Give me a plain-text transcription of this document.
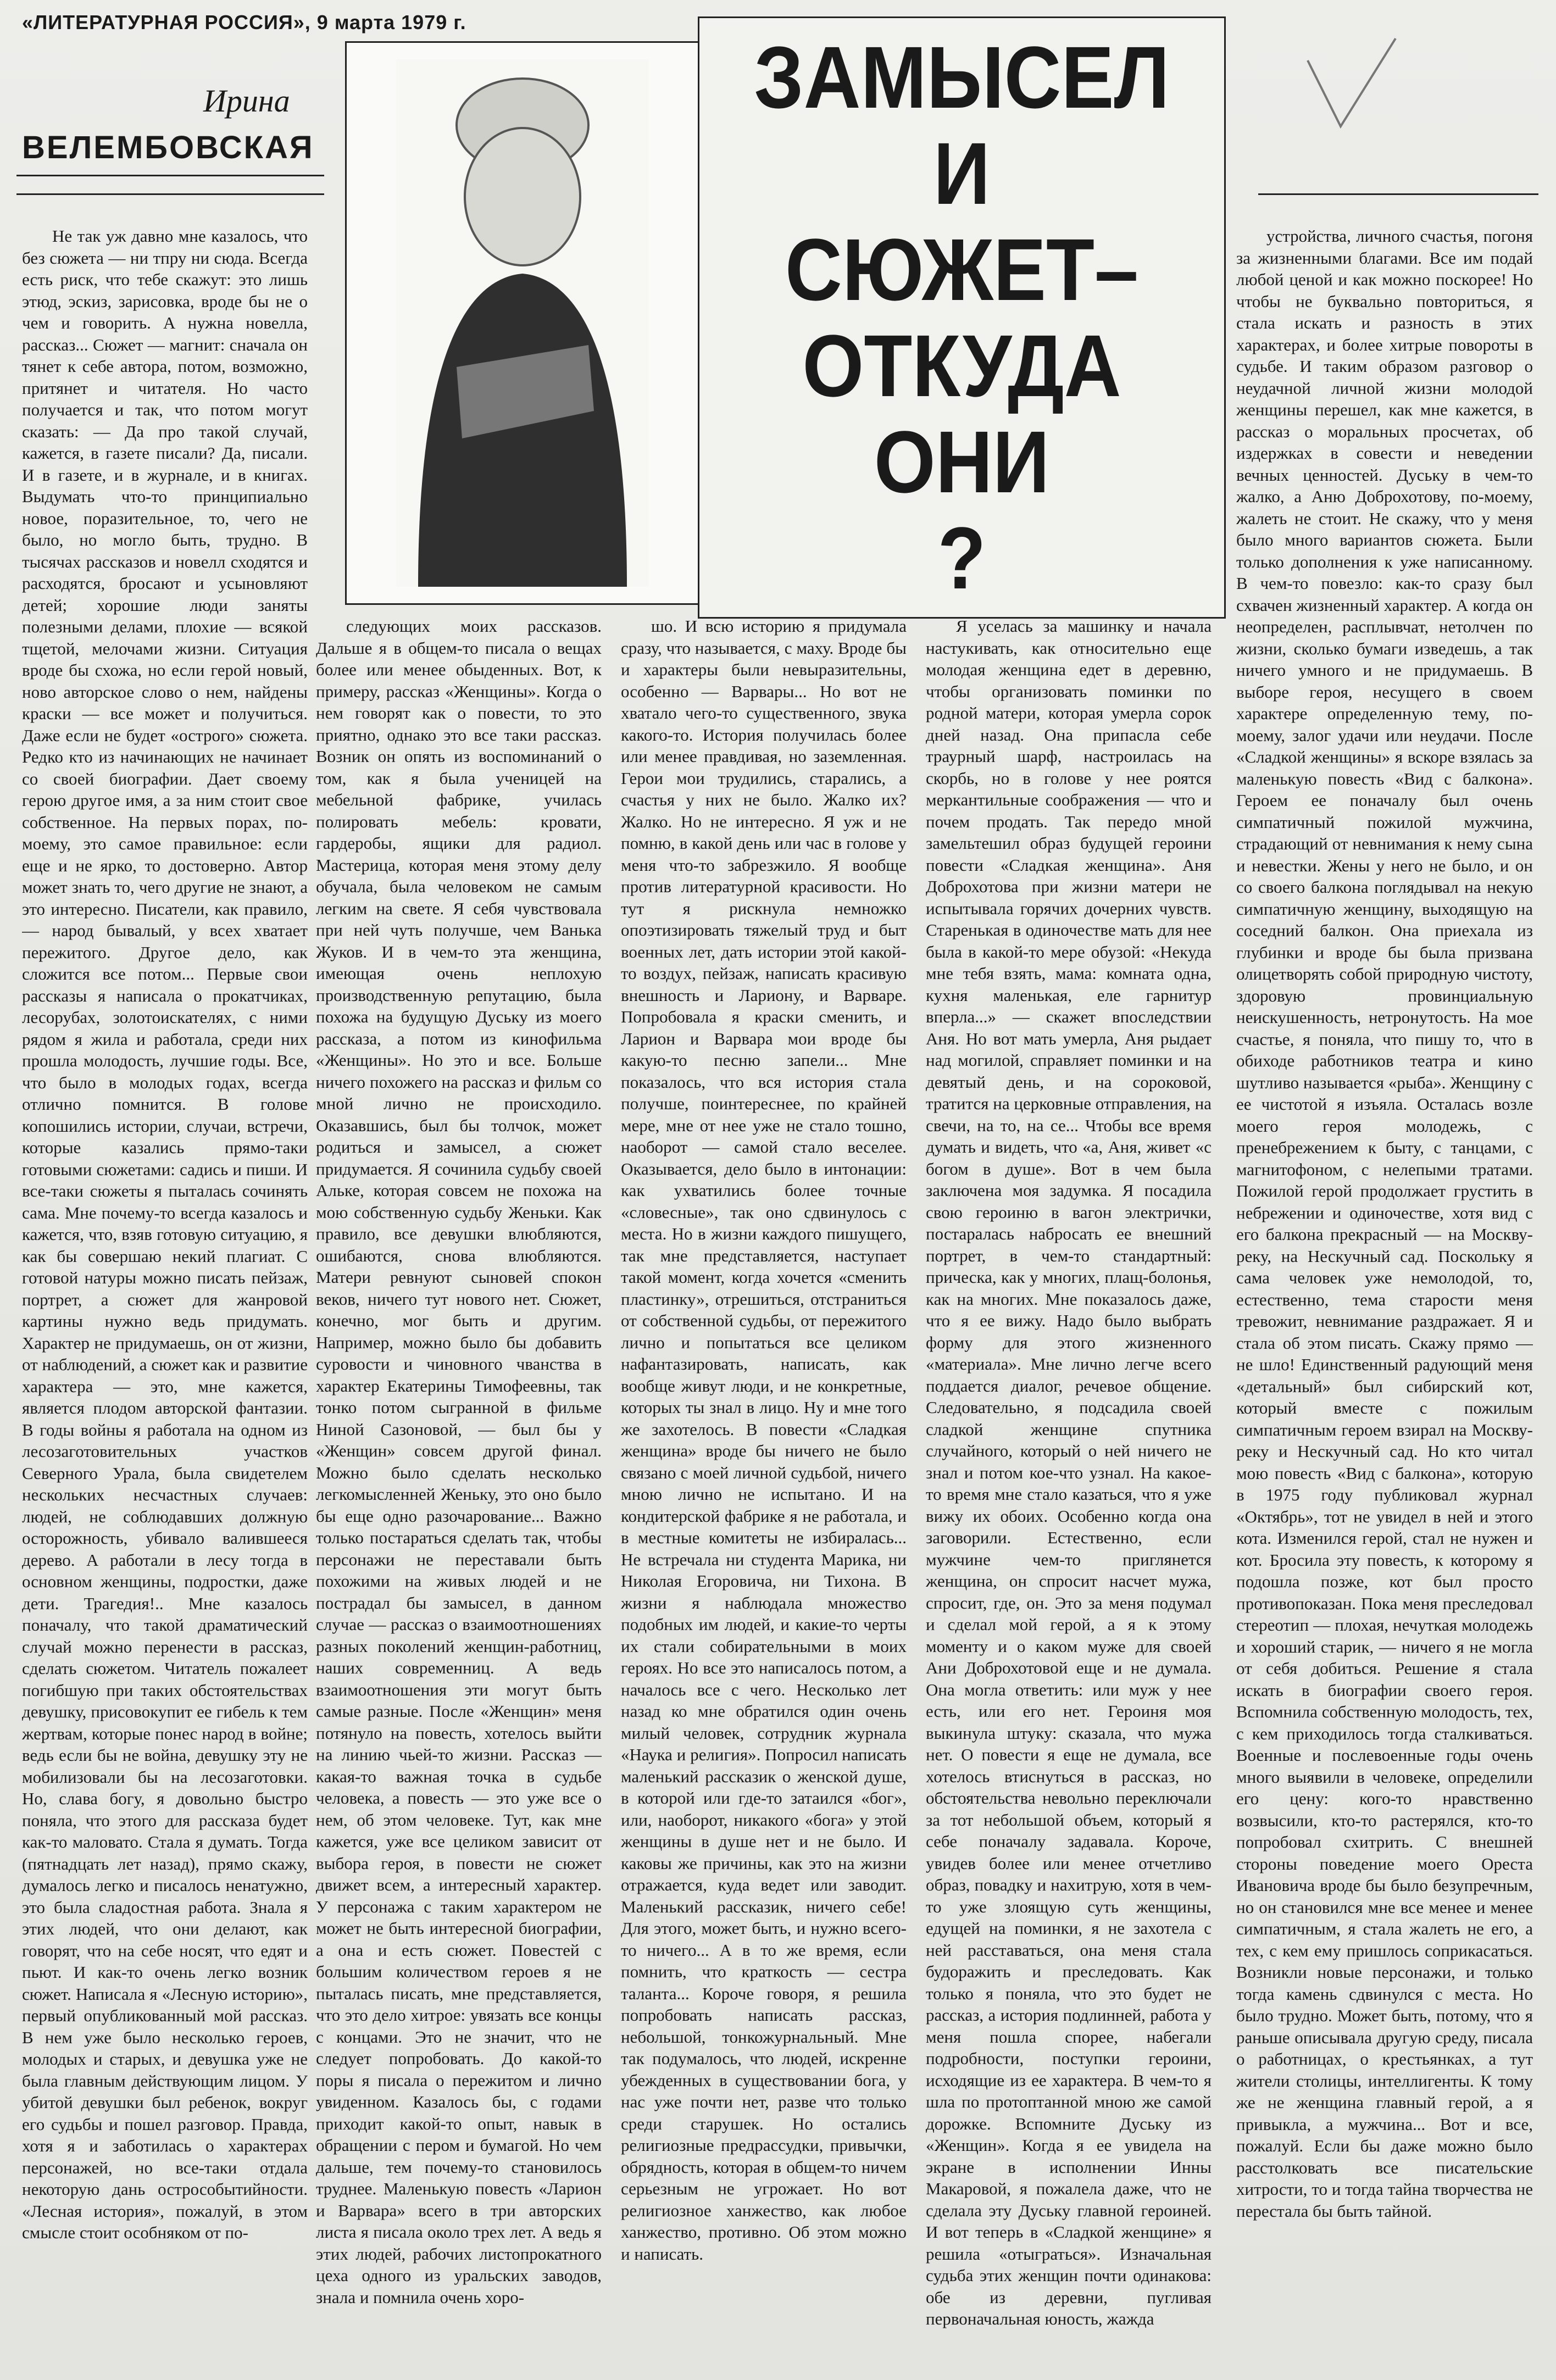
«ЛИТЕРАТУРНАЯ РОССИЯ», 9 марта 1979 г.
Ирина
ВЕЛЕМБОВСКАЯ
ЗАМЫСЕЛ
И
СЮЖЕТ–
ОТКУДА
ОНИ
?

Не так уж давно мне казалось, что без сюжета — ни тпру ни сюда. Всегда есть риск, что тебе скажут: это лишь этюд, эскиз, зарисовка, вроде бы не о чем и говорить. А нужна новелла, рассказ... Сюжет — магнит: сначала он тянет к себе автора, потом, возможно, притянет и читателя. Но часто получается и так, что потом могут сказать: — Да про такой случай, кажется, в газете писали? Да, писали. И в газете, и в журнале, и в книгах. Выдумать что-то принципиально новое, поразительное, то, чего не было, но могло быть, трудно. В тысячах рассказов и новелл сходятся и расходятся, бросают и усыновляют детей; хорошие люди заняты полезными делами, плохие — всякой тщетой, мелочами жизни. Ситуация вроде бы схожа, но если герой новый, ново авторское слово о нем, найдены краски — все может и получиться. Даже если не будет «острого» сюжета. Редко кто из начинающих не начинает со своей биографии. Дает своему герою другое имя, а за ним стоит свое собственное. На первых порах, по-моему, это самое правильное: если еще и не ярко, то достоверно. Автор может знать то, чего другие не знают, а это интересно. Писатели, как правило, — народ бывалый, у всех хватает пережитого. Другое дело, как сложится все потом... Первые свои рассказы я написала о прокатчиках, лесорубах, золотоискателях, с ними рядом я жила и работала, среди них прошла молодость, лучшие годы. Все, что было в молодых годах, всегда отлично помнится. В голове копошились истории, случаи, встречи, которые казались прямо-таки готовыми сюжетами: садись и пиши. И все-таки сюжеты я пыталась сочинять сама. Мне почему-то всегда казалось и кажется, что, взяв готовую ситуацию, я как бы совершаю некий плагиат. С готовой натуры можно писать пейзаж, портрет, а сюжет для жанровой картины нужно ведь придумать. Характер не придумаешь, он от жизни, от наблюдений, а сюжет как и развитие характера — это, мне кажется, является плодом авторской фантазии. В годы войны я работала на одном из лесозаготовительных участков Северного Урала, была свидетелем нескольких несчастных случаев: людей, не соблюдавших должную осторожность, убивало валившееся дерево. А работали в лесу тогда в основном женщины, подростки, даже дети. Трагедия!.. Мне казалось поначалу, что такой драматический случай можно перенести в рассказ, сделать сюжетом. Читатель пожалеет погибшую при таких обстоятельствах девушку, присовокупит ее гибель к тем жертвам, которые понес народ в войне; ведь если бы не война, девушку эту не мобилизовали бы на лесозаготовки. Но, слава богу, я довольно быстро поняла, что этого для рассказа будет как-то маловато. Стала я думать. Тогда (пятнадцать лет назад), прямо скажу, думалось легко и писалось ненатужно, это была сладостная работа. Знала я этих людей, что они делают, как говорят, что на себе носят, что едят и пьют. И как-то очень легко возник сюжет. Написала я «Лесную историю», первый опубликованный мой рассказ. В нем уже было несколько героев, молодых и старых, и девушка уже не была главным действующим лицом. У убитой девушки был ребенок, вокруг его судьбы и пошел разговор. Правда, хотя я и заботилась о характерах персонажей, но все-таки отдала некоторую дань острособытийности. «Лесная история», пожалуй, в этом смысле стоит особняком от по-

следующих моих рассказов. Дальше я в общем-то писала о вещах более или менее обыденных. Вот, к примеру, рассказ «Женщины». Когда о нем говорят как о повести, то это приятно, однако это все таки рассказ. Возник он опять из воспоминаний о том, как я была ученицей на мебельной фабрике, училась полировать мебель: кровати, гардеробы, ящики для радиол. Мастерица, которая меня этому делу обучала, была человеком не самым легким на свете. Я себя чувствовала при ней чуть получше, чем Ванька Жуков. И в чем-то эта женщина, имеющая очень неплохую производственную репутацию, была похожа на будущую Дуську из моего рассказа, а потом из кинофильма «Женщины». Но это и все. Больше ничего похожего на рассказ и фильм со мной лично не происходило. Оказавшись, был бы толчок, может родиться и замысел, а сюжет придумается. Я сочинила судьбу своей Альке, которая совсем не похожа на мою собственную судьбу Женьки. Как правило, все девушки влюбляются, ошибаются, снова влюбляются. Матери ревнуют сыновей спокон веков, ничего тут нового нет. Сюжет, конечно, мог быть и другим. Например, можно было бы добавить суровости и чиновного чванства в характер Екатерины Тимофеевны, так тонко потом сыгранной в фильме Ниной Сазоновой, — был бы у «Женщин» совсем другой финал. Можно было сделать несколько легкомысленней Женьку, это оно было бы еще одно разочарование... Важно только постараться сделать так, чтобы персонажи не переставали быть похожими на живых людей и не пострадал бы замысел, в данном случае — рассказ о взаимоотношениях разных поколений женщин-работниц, наших современниц. А ведь взаимоотношения эти могут быть самые разные. После «Женщин» меня потянуло на повесть, хотелось выйти на линию чьей-то жизни. Рассказ — какая-то важная точка в судьбе человека, а повесть — это уже все о нем, об этом человеке. Тут, как мне кажется, уже все целиком зависит от выбора героя, в повести не сюжет движет всем, а интересный характер. У персонажа с таким характером не может не быть интересной биографии, а она и есть сюжет. Повестей с большим количеством героев я не пыталась писать, мне представляется, что это дело хитрое: увязать все концы с концами. Это не значит, что не следует попробовать. До какой-то поры я писала о пережитом и лично увиденном. Казалось бы, с годами приходит какой-то опыт, навык в обращении с пером и бумагой. Но чем дальше, тем почему-то становилось труднее. Маленькую повесть «Ларион и Варвара» всего в три авторских листа я писала около трех лет. А ведь я этих людей, рабочих листопрокатного цеха одного из уральских заводов, знала и помнила очень хоро-

шо. И всю историю я придумала сразу, что называется, с маху. Вроде бы и характеры были невыразительны, особенно — Варвары... Но вот не хватало чего-то существенного, звука какого-то. История получилась более или менее правдивая, но заземленная. Герои мои трудились, старались, а счастья у них не было. Жалко их? Жалко. Но не интересно. Я уж и не помню, в какой день или час в голове у меня что-то забрезжило. Я вообще против литературной красивости. Но тут я рискнула немножко опоэтизировать тяжелый труд и быт военных лет, дать истории этой какой-то воздух, пейзаж, написать красивую внешность и Лариону, и Варваре. Попробовала я краски сменить, и Ларион и Варвара мои вроде бы какую-то песню запели... Мне показалось, что вся история стала получше, поинтереснее, по крайней мере, мне от нее уже не стало тошно, наоборот — самой стало веселее. Оказывается, дело было в интонации: как ухватились более точные «словесные», так оно сдвинулось с места. Но в жизни каждого пишущего, так мне представляется, наступает такой момент, когда хочется «сменить пластинку», отрешиться, отстраниться от собственной судьбы, от пережитого лично и попытаться все целиком нафантазировать, написать, как вообще живут люди, и не конкретные, которых ты знал в лицо. Ну и мне того же захотелось. В повести «Сладкая женщина» вроде бы ничего не было связано с моей личной судьбой, ничего мною лично не испытано. И на кондитерской фабрике я не работала, и в местные комитеты не избиралась... Не встречала ни студента Марика, ни Николая Егоровича, ни Тихона. В жизни я наблюдала множество подобных им людей, и какие-то черты их стали собирательными в моих героях. Но все это написалось потом, а началось все с чего. Несколько лет назад ко мне обратился один очень милый человек, сотрудник журнала «Наука и религия». Попросил написать маленький рассказик о женской душе, в которой или где-то затаился «бог», или, наоборот, никакого «бога» у этой женщины в душе нет и не было. И каковы же причины, как это на жизни отражается, куда ведет или заводит. Маленький рассказик, ничего себе! Для этого, может быть, и нужно всего-то ничего... А в то же время, если помнить, что краткость — сестра таланта... Короче говоря, я решила попробовать написать рассказ, небольшой, тонкожурнальный. Мне так подумалось, что людей, искренне убежденных в существовании бога, у нас уже почти нет, разве что только среди старушек. Но остались религиозные предрассудки, привычки, обрядность, которая в общем-то ничем серьезным не угрожает. Но вот религиозное ханжество, как любое ханжество, противно. Об этом можно и написать.

Я уселась за машинку и начала настукивать, как относительно еще молодая женщина едет в деревню, чтобы организовать поминки по родной матери, которая умерла сорок дней назад. Она припасла себе траурный шарф, настроилась на скорбь, но в голове у нее роятся меркантильные соображения — что и почем продать. Так передо мной замельтешил образ будущей героини повести «Сладкая женщина». Аня Доброхотова при жизни матери не испытывала горячих дочерних чувств. Старенькая в одиночестве мать для нее была в какой-то мере обузой: «Некуда мне тебя взять, мама: комната одна, кухня маленькая, еле гарнитур вперла...» — скажет впоследствии Аня. Но вот мать умерла, Аня рыдает над могилой, справляет поминки и на девятый день, и на сороковой, тратится на церковные отправления, на свечи, на то, на се... Чтобы все время думать и видеть, что «а, Аня, живет «с богом в душе». Вот в чем была заключена моя задумка. Я посадила свою героиню в вагон электрички, постаралась набросать ее внешний портрет, в чем-то стандартный: прическа, как у многих, плащ-болонья, как на многих. Мне показалось даже, что я ее вижу. Надо было выбрать форму для этого жизненного «материала». Мне лично легче всего поддается диалог, речевое общение. Следовательно, я подсадила своей сладкой женщине спутника случайного, который о ней ничего не знал и потом кое-что узнал. На какое-то время мне стало казаться, что я уже вижу их обоих. Особенно когда она заговорили. Естественно, если мужчине чем-то приглянется женщина, он спросит насчет мужа, спросит, где, он. Это за меня подумал и сделал мой герой, а я к этому моменту и о каком муже для своей Ани Доброхотовой еще и не думала. Она могла ответить: или муж у нее есть, или его нет. Героиня моя выкинула штуку: сказала, что мужа нет. О повести я еще не думала, все хотелось втиснуться в рассказ, но обстоятельства невольно переключали за тот небольшой объем, который я себе поначалу задавала. Короче, увидев более или менее отчетливо образ, повадку и нахитрую, хотя в чем-то уже злоящую суть женщины, едущей на поминки, я не захотела с ней расставаться, она меня стала будоражить и преследовать. Как только я поняла, что это будет не рассказ, а история подлинней, работа у меня пошла спорее, набегали подробности, поступки героини, исходящие из ее характера. В чем-то я шла по протоптанной мною же самой дорожке. Вспомните Дуську из «Женщин». Когда я ее увидела на экране в исполнении Инны Макаровой, я пожалела даже, что не сделала эту Дуську главной героиней. И вот теперь в «Сладкой женщине» я решила «отыграться». Изначальная судьба этих женщин почти одинакова: обе из деревни, пугливая первоначальная юность, жажда

устройства, личного счастья, погоня за жизненными благами. Все им подай любой ценой и как можно поскорее! Но чтобы не буквально повториться, я стала искать и разность в этих характерах, и более хитрые повороты в судьбе. И таким образом разговор о неудачной личной жизни молодой женщины перешел, как мне кажется, в рассказ о моральных просчетах, об издержках в совести и неведении вечных ценностей. Дуську в чем-то жалко, а Аню Доброхотову, по-моему, жалеть не стоит. Не скажу, что у меня было много вариантов сюжета. Были только дополнения к уже написанному. В чем-то повезло: как-то сразу был схвачен жизненный характер. А когда он неопределен, расплывчат, нетолчен по жизни, сколько бумаги изведешь, а так ничего умного и не придумаешь. В выборе героя, несущего в своем характере определенную тему, по-моему, залог удачи или неудачи. После «Сладкой женщины» я вскоре взялась за маленькую повесть «Вид с балкона». Героем ее поначалу был очень симпатичный пожилой мужчина, страдающий от невнимания к нему сына и невестки. Жены у него не было, и он со своего балкона поглядывал на некую симпатичную женщину, выходящую на соседний балкон. Она приехала из глубинки и вроде бы была призвана олицетворять собой природную чистоту, здоровую провинциальную неискушенность, нетронутость. На мое счастье, я поняла, что пишу то, что в обиходе работников театра и кино шутливо называется «рыба». Женщину с ее чистотой я изъяла. Осталась возле моего героя молодежь, с пренебрежением к быту, с танцами, с магнитофоном, с нелепыми тратами. Пожилой герой продолжает грустить в небрежении и одиночестве, хотя вид с его балкона прекрасный — на Москву-реку, на Нескучный сад. Поскольку я сама человек уже немолодой, то, естественно, тема старости меня тревожит, невнимание раздражает. Я и стала об этом писать. Скажу прямо — не шло! Единственный радующий меня «детальный» был сибирский кот, который вместе с пожилым симпатичным героем взирал на Москву-реку и Нескучный сад. Но кто читал мою повесть «Вид с балкона», которую в 1975 году публиковал журнал «Октябрь», тот не увидел в ней и этого кота. Изменился герой, стал не нужен и кот. Бросила эту повесть, к которому я подошла позже, кот был просто противопоказан. Пока меня преследовал стереотип — плохая, нечуткая молодежь и хороший старик, — ничего я не могла от себя добиться. Решение я стала искать в биографии своего героя. Вспомнила собственную молодость, тех, с кем приходилось тогда сталкиваться. Военные и послевоенные годы очень много выявили в человеке, определили его цену: кого-то нравственно возвысили, кто-то растерялся, кто-то попробовал схитрить. С внешней стороны поведение моего Ореста Ивановича вроде бы было безупречным, но он становился мне все менее и менее симпатичным, я стала жалеть не его, а тех, с кем ему пришлось соприкасаться. Возникли новые персонажи, и только тогда камень сдвинулся с места. Но было трудно. Может быть, потому, что я раньше описывала другую среду, писала о работницах, о крестьянках, а тут жители столицы, интеллигенты. К тому же не женщина главный герой, а я привыкла, а мужчина... Вот и все, пожалуй. Если бы даже можно было расстолковать все писательские хитрости, то и тогда тайна творчества не перестала бы быть тайной.
